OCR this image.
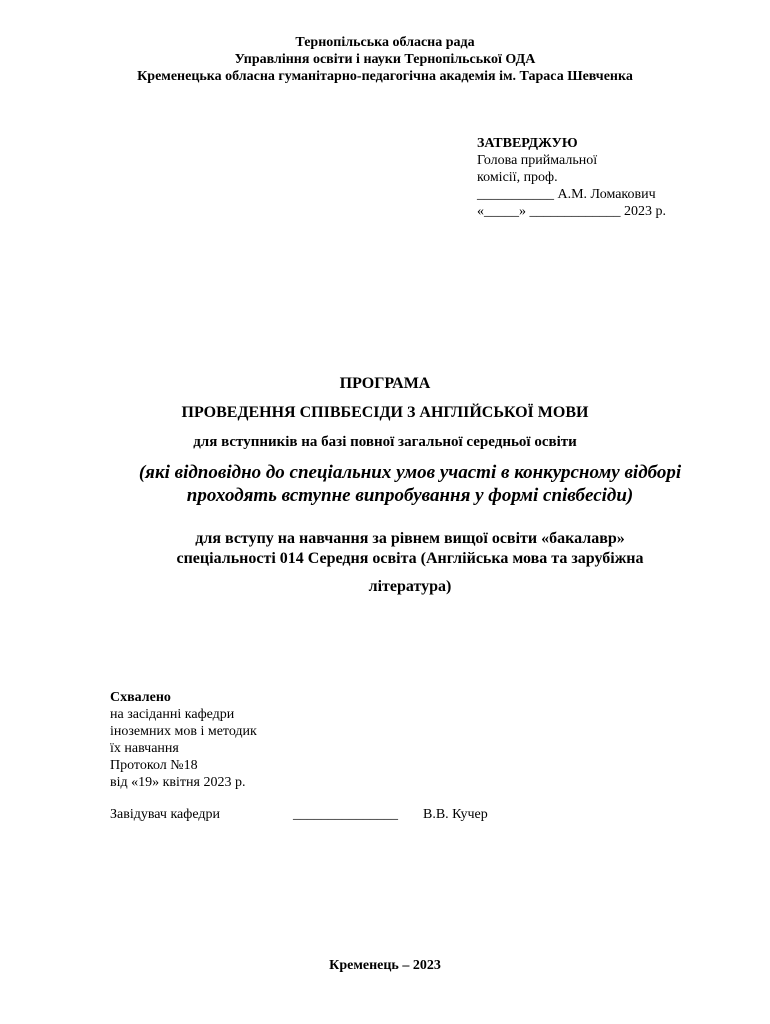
Тернопільська обласна рада
Управління освіти і науки Тернопільської ОДА
Кременецька обласна гуманітарно-педагогічна академія ім. Тараса Шевченка
ЗАТВЕРДЖУЮ
Голова приймальної
комісії, проф.
___________ А.М. Ломакович
«_____» _____________ 2023 р.
ПРОГРАМА
ПРОВЕДЕННЯ СПІВБЕСІДИ З АНГЛІЙСЬКОЇ МОВИ
для вступників на базі повної загальної середньої освіти
(які відповідно до спеціальних умов участі в конкурсному відборі
проходять вступне випробування у формі співбесіди)
для вступу на навчання за рівнем вищої освіти «бакалавр»
спеціальності 014 Середня освіта (Англійська мова та зарубіжна
література)
Схвалено
на засіданні кафедри
іноземних мов і методик
їх навчання
Протокол №18
від «19» квітня 2023 р.
Завідувач кафедри	_______________ В.В. Кучер
Кременець – 2023
